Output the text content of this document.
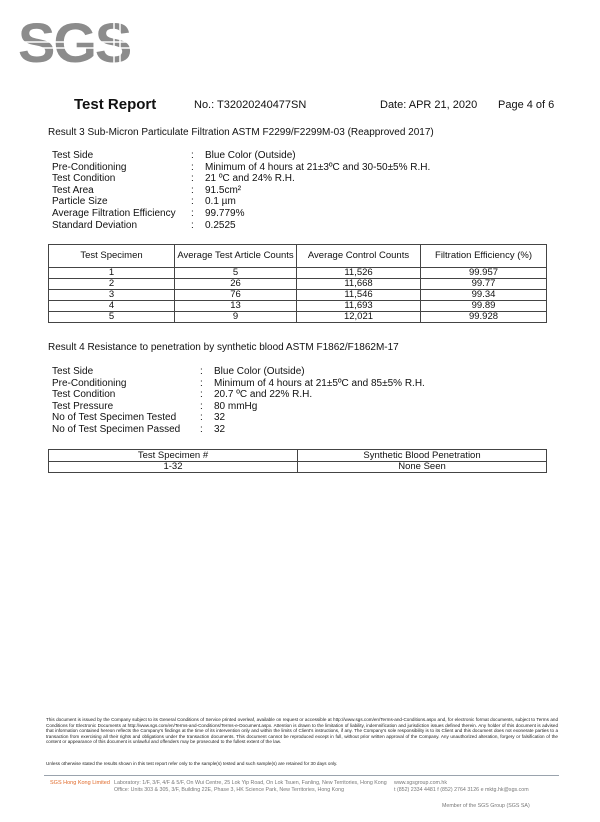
SGS
Test Report	No.: T32020240477SN	Date: APR 21, 2020 Page 4 of 6
Result 3 Sub-Micron Particulate Filtration ASTM F2299/F2299M-03 (Reapproved 2017)
Test Side	: Blue Color (Outside)
Pre-Conditioning	: Minimum of 4 hours at 21±3ºC and 30-50±5% R.H.
Test Condition	: 21 ºC and 24% R.H.
Test Area	: 91.5cm²
Particle Size	: 0.1 µm
Average Filtration Efficiency : 99.779%
Standard Deviation	: 0.2525
Test Specimen	Average Test Article Counts	Average Control Counts	Filtration Efficiency (%)
1	5	11,526	99.957
2	26	11,668	99.77
3	76	11,546	99.34
4	13	11,693	99.89
5	9	12,021	99.928
Result 4 Resistance to penetration by synthetic blood ASTM F1862/F1862M-17
Test Side	: Blue Color (Outside)
Pre-Conditioning	: Minimum of 4 hours at 21±5ºC and 85±5% R.H.
Test Condition	: 20.7 ºC and 22% R.H.
Test Pressure	: 80 mmHg
No of Test Specimen Tested : 32
No of Test Specimen Passed : 32
Test Specimen #	Synthetic Blood Penetration
1-32	None Seen
This document is issued by the Company subject to its General Conditions of Service printed overleaf, available on request or accessible at http://www.sgs.com/en/Terms-and-Conditions.aspx and, for electronic format documents, subject to Terms and Conditions for Electronic Documents at http://www.sgs.com/en/Terms-and-Conditions/Terms-e-Document.aspx. Attention is drawn to the limitation of liability, indemnification and jurisdiction issues defined therein. Any holder of this document is advised that information contained hereon reflects the Company's findings at the time of its intervention only and within the limits of Client's instructions, if any. The Company's sole responsibility is to its Client and this document does not exonerate parties to a transaction from exercising all their rights and obligations under the transaction documents. This document cannot be reproduced except in full, without prior written approval of the Company. Any unauthorized alteration, forgery or falsification of the content or appearance of this document is unlawful and offenders may be prosecuted to the fullest extent of the law.
Unless otherwise stated the results shown in this test report refer only to the sample(s) tested and such sample(s) are retained for 30 days only.
SGS Hong Kong Limited Laboratory: 1/F, 3/F, 4/F & 5/F, On Wui Centre, 25 Lok Yip Road, On Lok Tsuen, Fanling, New Territories, Hong Kong
Office: Units 303 & 305, 3/F, Building 22E, Phase 3, HK Science Park, New Territories, Hong Kong
www.sgsgroup.com.hk
t (852) 2334 4481 f (852) 2764 3126 e mktg.hk@sgs.com
Member of the SGS Group (SGS SA)
